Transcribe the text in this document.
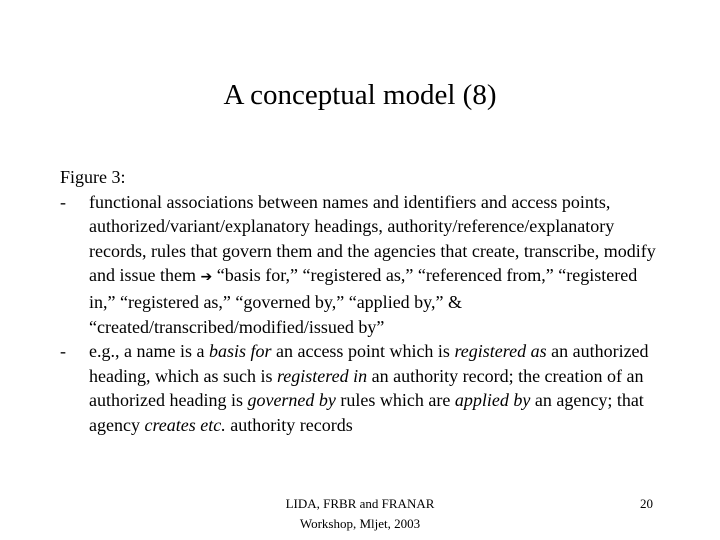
A conceptual model (8)
Figure 3:
- functional associations between names and identifiers and access points, authorized/variant/explanatory headings, authority/reference/explanatory records, rules that govern them and the agencies that create, transcribe, modify and issue them ➔ “basis for,” “registered as,” “referenced from,” “registered in,” “registered as,” “governed by,” “applied by,” & “created/transcribed/modified/issued by”
- e.g., a name is a basis for an access point which is registered as an authorized heading, which as such is registered in an authority record; the creation of an authorized heading is governed by rules which are applied by an agency; that agency creates etc. authority records
LIDA, FRBR and FRANAR
Workshop, Mljet, 2003
20
